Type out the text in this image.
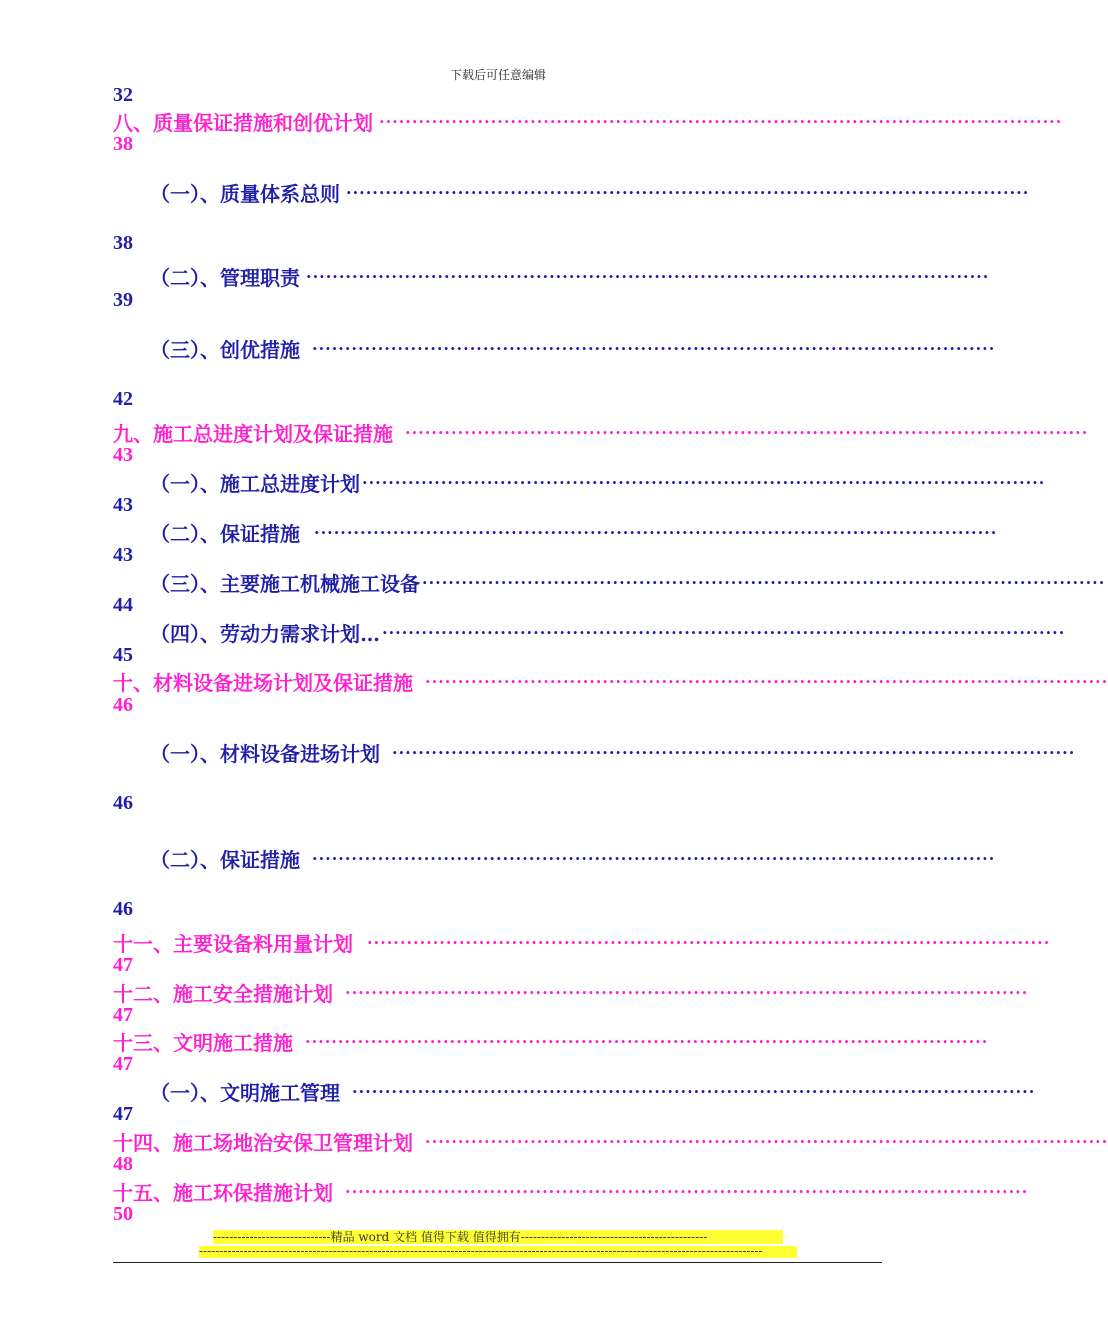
下载后可任意编辑
32
八、质量保证措施和创优计划 ········································································································
38
（一）、质量体系总则 ········································································································
38
（二）、管理职责 ········································································································
39
（三）、创优措施 ········································································································
42
九、施工总进度计划及保证措施 ········································································································
43
（一）、施工总进度计划 ········································································································
43
（二）、保证措施 ········································································································
43
（三）、主要施工机械施工设备 ········································································································
44
（四）、劳动力需求计划… ········································································································
45
十、材料设备进场计划及保证措施 ········································································································
46
（一）、材料设备进场计划 ········································································································
46
（二）、保证措施 ········································································································
46
十一、主要设备料用量计划 ········································································································
47
十二、施工安全措施计划 ········································································································
47
十三、文明施工措施 ········································································································
47
（一）、文明施工管理 ········································································································
47
十四、施工场地治安保卫管理计划 ········································································································
48
十五、施工环保措施计划 ········································································································
50
-----------------------------精品 word 文档 值得下载 值得拥有----------------------------------------------
-------------------------------------------------------------------------------------------------------------------------------------------
